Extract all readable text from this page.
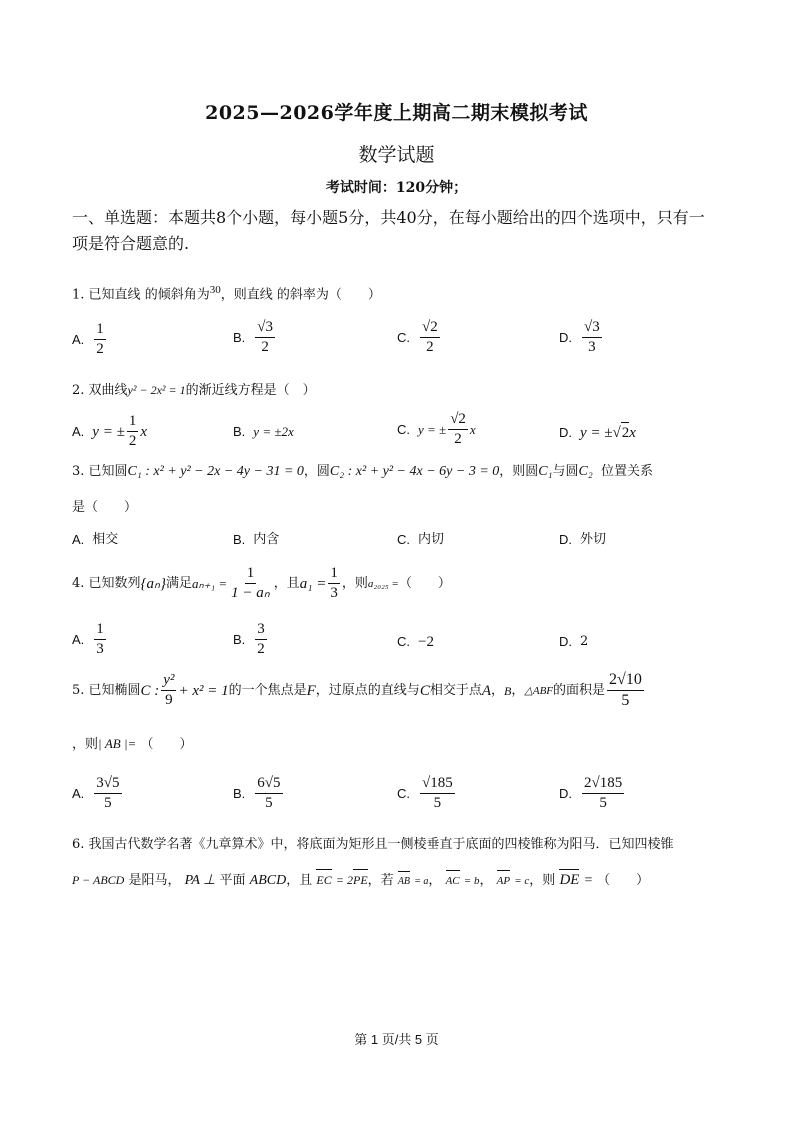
2025—2026学年度上期高二期末模拟考试
数学试题
考试时间：120分钟；
一、单选题：本题共8个小题，每小题5分，共40分，在每小题给出的四个选项中，只有一
项是符合题意的.
1. 已知直线 的倾斜角为$^{30}$，则直线 的斜率为（　　）
A. $\frac{1}{2}$	B. $\frac{√3}{2}$	C. $\frac{√2}{2}$	D. $\frac{√3}{3}$
2. 双曲线y² − 2x² = 1的渐近线方程是（　）
A. y = ± $\frac{1}{2}$ x	B. y = ±2x	C. y = ± $\frac{√2}{2}$ x	D. y = ± √ 2 x
3. 已知圆C₁ : x² + y² − 2x − 4y − 31 = 0，圆C₂ : x² + y² − 4x − 6y − 3 = 0，则圆C₁与圆C₂ 位置关系
是（　　）
A. 相交	B. 内含	C. 内切	D. 外切
4. 已知数列 {aₙ} 满足 $a_{n+1} = \frac{1}{\text{1 − aₙ}}$ ，且 $a_1 = \frac{1}{3}$ ，则 a₂₀₂₅ = （　　）
A. $\frac{1}{3}$	B. $\frac{3}{2}$	C. −2	D. 2
5. 已知椭圆 C : $\frac{\text{y²}}{9} + x^2 = 1$ 的一个焦点是 F ，过原点的直线与 C 相交于点 A ， B ， △ABF 的面积是 $\frac{2√10}{5}$
，则| AB |= （　　）
A. $\frac{3√5}{5}$	B. $\frac{6√5}{5}$	C. $\frac{√185}{5}$	D. $\frac{2√185}{5}$
6. 我国古代数学名著《九章算术》中，将底面为矩形且一侧棱垂直于底面的四棱锥称为阳马．已知四棱锥
P − ABCD 是阳马， PA ⊥ 平面 ABCD，且 EC = 2PE，若 AB = a， AC = b， AP = c，则 DE = （　　）
第 1 页/共 5 页
